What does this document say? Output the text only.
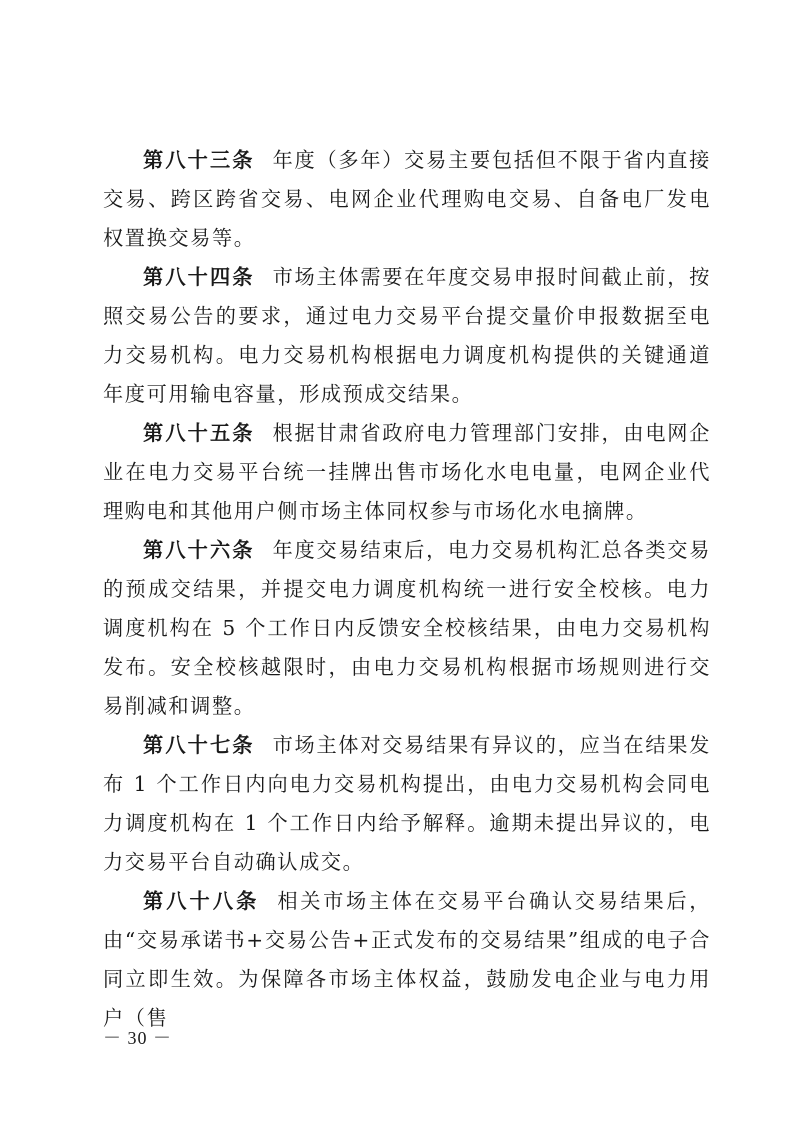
第八十三条 年度（多年）交易主要包括但不限于省内直接交易、跨区跨省交易、电网企业代理购电交易、自备电厂发电权置换交易等。

第八十四条 市场主体需要在年度交易申报时间截止前，按照交易公告的要求，通过电力交易平台提交量价申报数据至电力交易机构。电力交易机构根据电力调度机构提供的关键通道年度可用输电容量，形成预成交结果。

第八十五条 根据甘肃省政府电力管理部门安排，由电网企业在电力交易平台统一挂牌出售市场化水电电量，电网企业代理购电和其他用户侧市场主体同权参与市场化水电摘牌。

第八十六条 年度交易结束后，电力交易机构汇总各类交易的预成交结果，并提交电力调度机构统一进行安全校核。电力调度机构在 5 个工作日内反馈安全校核结果，由电力交易机构发布。安全校核越限时，由电力交易机构根据市场规则进行交易削减和调整。

第八十七条 市场主体对交易结果有异议的，应当在结果发布 1 个工作日内向电力交易机构提出，由电力交易机构会同电力调度机构在 1 个工作日内给予解释。逾期未提出异议的，电力交易平台自动确认成交。

第八十八条 相关市场主体在交易平台确认交易结果后，由“交易承诺书+交易公告+正式发布的交易结果”组成的电子合同立即生效。为保障各市场主体权益，鼓励发电企业与电力用户（售

－ 30 －
